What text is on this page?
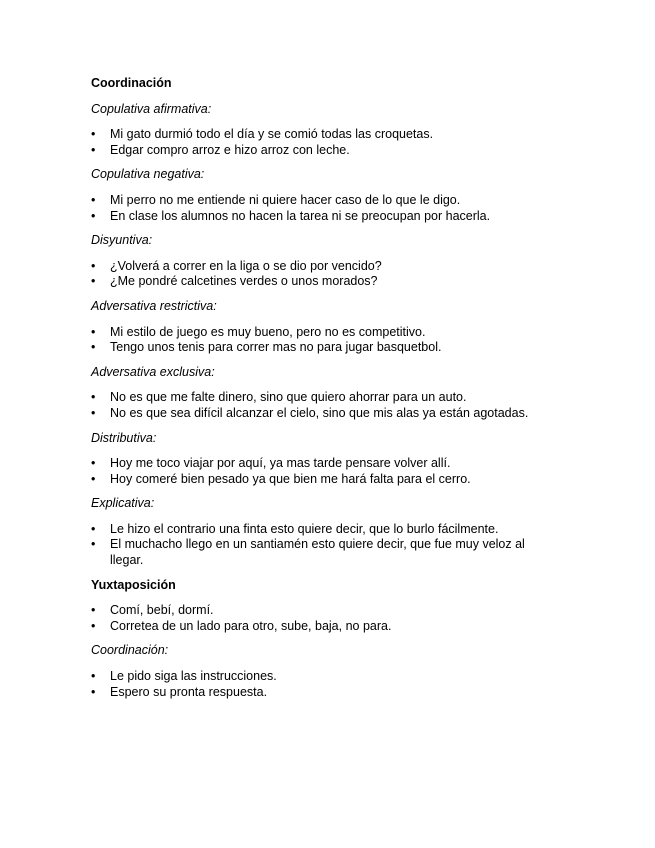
Coordinación
Copulativa afirmativa:
• Mi gato durmió todo el día y se comió todas las croquetas.
• Edgar compro arroz e hizo arroz con leche.
Copulativa negativa:
• Mi perro no me entiende ni quiere hacer caso de lo que le digo.
• En clase los alumnos no hacen la tarea ni se preocupan por hacerla.
Disyuntiva:
• ¿Volverá a correr en la liga o se dio por vencido?
• ¿Me pondré calcetines verdes o unos morados?
Adversativa restrictiva:
• Mi estilo de juego es muy bueno, pero no es competitivo.
• Tengo unos tenis para correr mas no para jugar basquetbol.
Adversativa exclusiva:
• No es que me falte dinero, sino que quiero ahorrar para un auto.
• No es que sea difícil alcanzar el cielo, sino que mis alas ya están agotadas.
Distributiva:
• Hoy me toco viajar por aquí, ya mas tarde pensare volver allí.
• Hoy comeré bien pesado ya que bien me hará falta para el cerro.
Explicativa:
• Le hizo el contrario una finta esto quiere decir, que lo burlo fácilmente.
• El muchacho llego en un santiamén esto quiere decir, que fue muy veloz al llegar.
Yuxtaposición
• Comí, bebí, dormí.
• Corretea de un lado para otro, sube, baja, no para.
Coordinación:
• Le pido siga las instrucciones.
• Espero su pronta respuesta.
